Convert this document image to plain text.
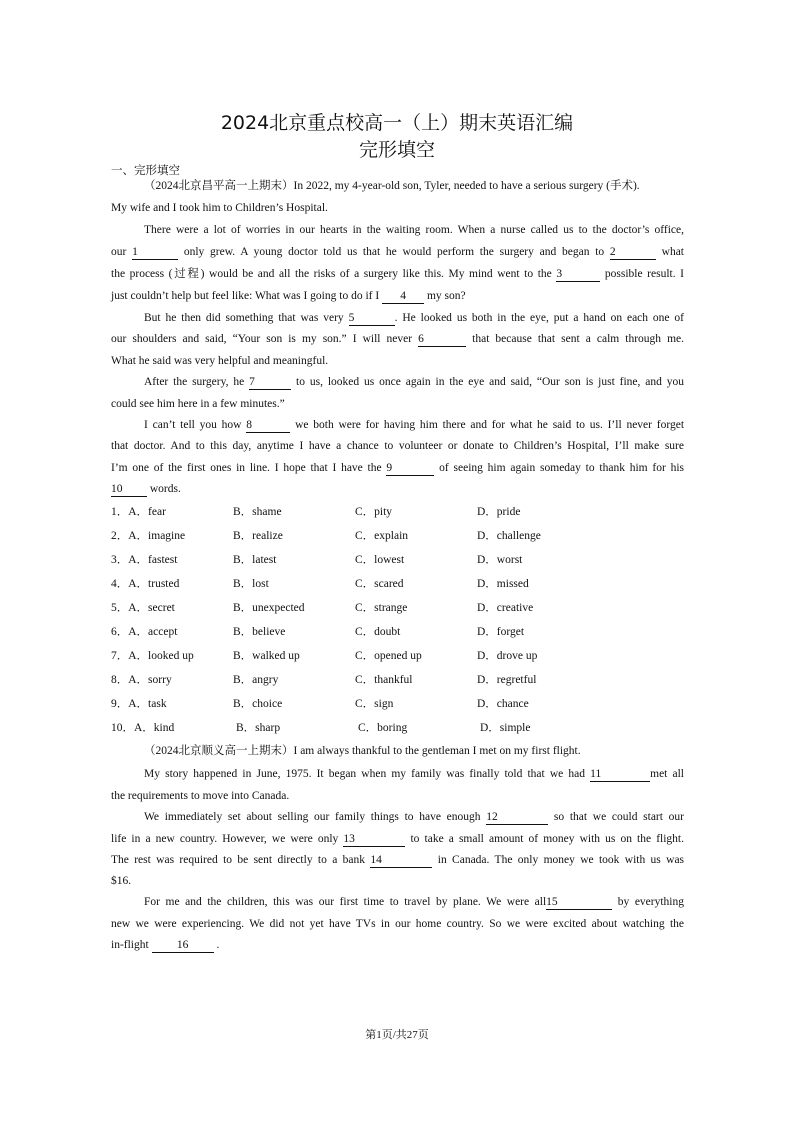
2024北京重点校高一（上）期末英语汇编
完形填空
一、完形填空
（2024北京昌平高一上期末）In 2022, my 4-year-old son, Tyler, needed to have a serious surgery (手术).
My wife and I took him to Children’s Hospital.
There were a lot of worries in our hearts in the waiting room. When a nurse called us to the doctor’s office,
our 1	only grew. A young doctor told us that he would perform the surgery and began to 2	what
the process (过程) would be and all the risks of a surgery like this. My mind went to the 3	possible result. I
just couldn’t help but feel like: What was I going to do if I 4 my son?
But he then did something that was very 5	. He looked us both in the eye, put a hand on each one of
our shoulders and said, “Your son is my son.” I will never 6	that because that sent a calm through me.
What he said was very helpful and meaningful.
After the surgery, he 7	to us, looked us once again in the eye and said, “Our son is just fine, and you
could see him here in a few minutes.”
I can’t tell you how 8	we both were for having him there and for what he said to us. I’ll never forget
that doctor. And to this day, anytime I have a chance to volunteer or donate to Children’s Hospital, I’ll make sure
I’m one of the first ones in line. I hope that I have the 9	of seeing him again someday to thank him for his
10 words.
1．A．fear	B．shame	C．pity	D．pride
2．A．imagine	B．realize	C．explain	D．challenge
3．A．fastest	B．latest	C．lowest	D．worst
4．A．trusted	B．lost	C．scared	D．missed
5．A．secret	B．unexpected	C．strange	D．creative
6．A．accept	B．believe	C．doubt	D．forget
7．A．looked up	B．walked up	C．opened up	D．drove up
8．A．sorry	B．angry	C．thankful	D．regretful
9．A．task	B．choice	C．sign	D．chance
10．A．kind	B．sharp	C．boring	D．simple
（2024北京顺义高一上期末）I am always thankful to the gentleman I met on my first flight.
My story happened in June, 1975. It began when my family was finally told that we had 11	met all
the requirements to move into Canada.
We immediately set about selling our family things to have enough 12	so that we could start our
life in a new country. However, we were only 13	to take a small amount of money with us on the flight.
The rest was required to be sent directly to a bank 14	in Canada. The only money we took with us was
$16.
For me and the children, this was our first time to travel by plane. We were all15	by everything
new we were experiencing. We did not yet have TVs in our home country. So we were excited about watching the
in-flight 16 .
第1页/共27页
